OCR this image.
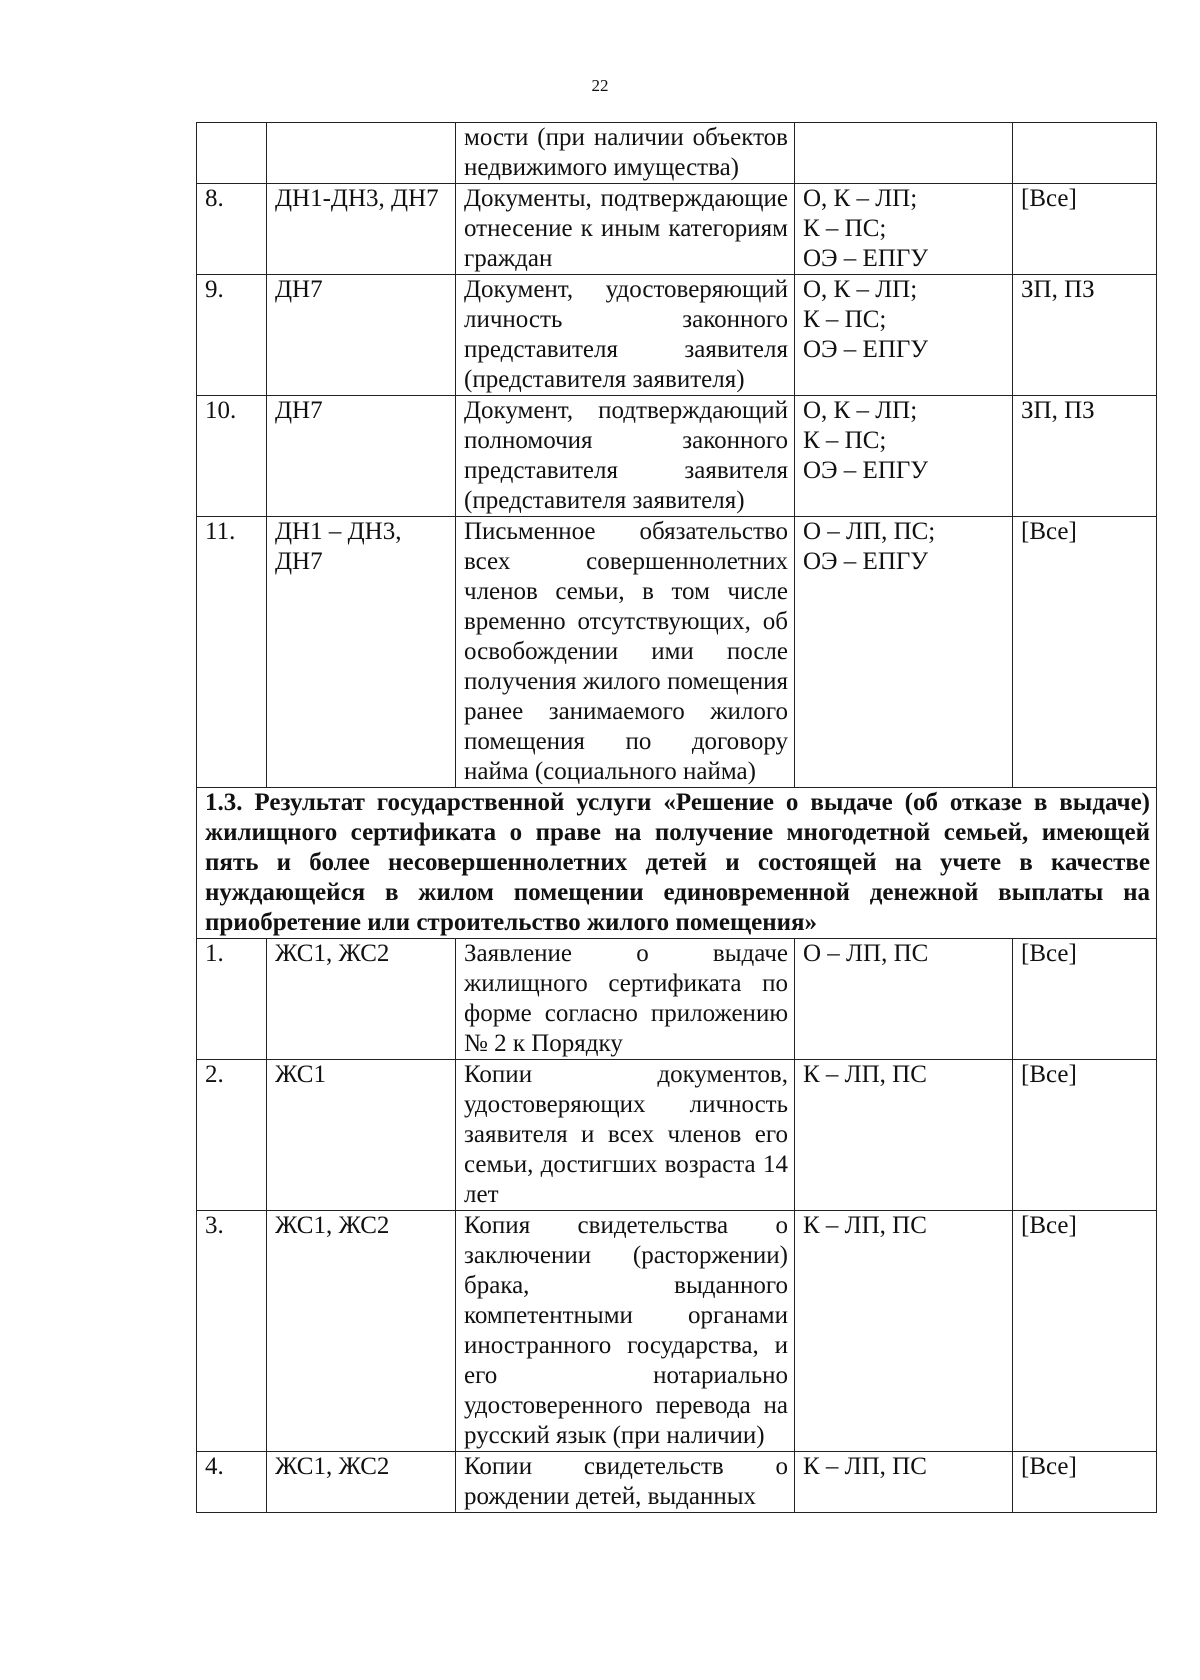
22
		мости (при наличии объектов недвижимого имущества)		
8.	ДН1-ДН3, ДН7	Документы, подтверждающие отнесение к иным категориям граждан	О, К – ЛП;
К – ПС;
ОЭ – ЕПГУ	[Все]
9.	ДН7	Документ, удостоверяющий личность законного представителя заявителя (представителя заявителя)	О, К – ЛП;
К – ПС;
ОЭ – ЕПГУ	ЗП, ПЗ
10.	ДН7	Документ, подтверждающий полномочия законного представителя заявителя (представителя заявителя)	О, К – ЛП;
К – ПС;
ОЭ – ЕПГУ	ЗП, ПЗ
11.	ДН1 – ДН3, ДН7	Письменное обязательство всех совершеннолетних членов семьи, в том числе временно отсутствующих, об освобождении ими после получения жилого помещения ранее занимаемого жилого помещения по договору найма (социального найма)	О – ЛП, ПС;
ОЭ – ЕПГУ	[Все]
1.3. Результат государственной услуги «Решение о выдаче (об отказе в выдаче) жилищного сертификата о праве на получение многодетной семьей, имеющей пять и более несовершеннолетних детей и состоящей на учете в качестве нуждающейся в жилом помещении единовременной денежной выплаты на приобретение или строительство жилого помещения»				
1.	ЖС1, ЖС2	Заявление о выдаче жилищного сертификата по форме согласно приложению № 2 к Порядку	О – ЛП, ПС	[Все]
2.	ЖС1	Копии документов, удостоверяющих личность заявителя и всех членов его семьи, достигших возраста 14 лет	К – ЛП, ПС	[Все]
3.	ЖС1, ЖС2	Копия свидетельства о заключении (расторжении) брака, выданного компетентными органами иностранного государства, и его нотариально удостоверенного перевода на русский язык (при наличии)	К – ЛП, ПС	[Все]
4.	ЖС1, ЖС2	Копии свидетельств о рождении детей, выданных	К – ЛП, ПС	[Все]
